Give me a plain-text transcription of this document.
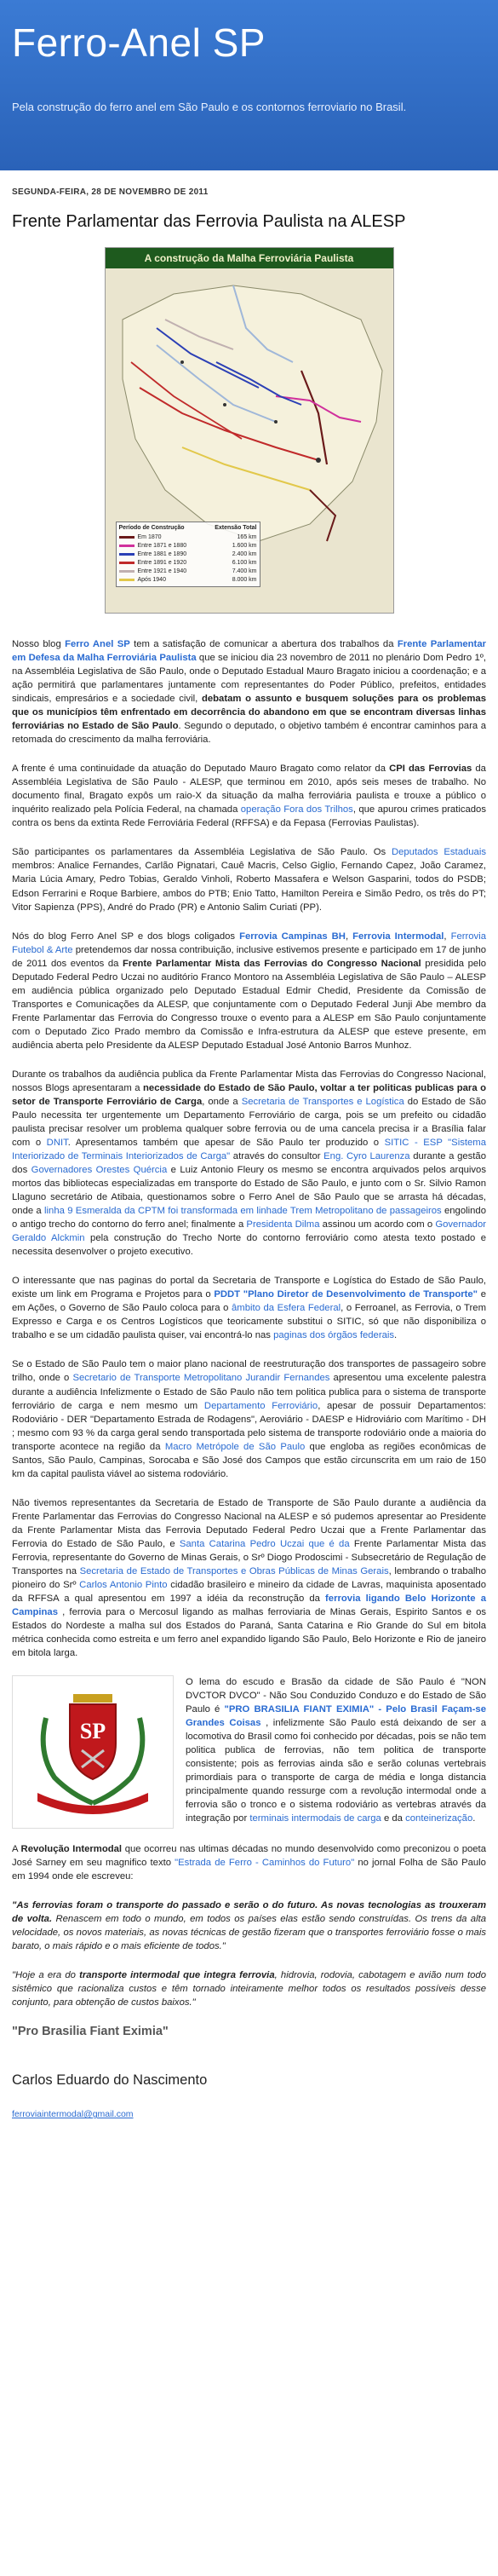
Ferro-Anel SP
Pela construção do ferro anel em São Paulo e os contornos ferroviario no Brasil.
SEGUNDA-FEIRA, 28 DE NOVEMBRO DE 2011
Frente Parlamentar das Ferrovia Paulista na ALESP
A construção da Malha Ferroviária Paulista
Período de Construção	Extensão Total
Em 1870	165 km
Entre 1871 e 1880	1.600 km
Entre 1881 e 1890	2.400 km
Entre 1891 e 1920	6.100 km
Entre 1921 e 1940	7.400 km
Após 1940	8.000 km

Nosso blog Ferro Anel SP tem a satisfação de comunicar a abertura dos trabalhos da Frente Parlamentar em Defesa da Malha Ferroviária Paulista que se iniciou dia 23 novembro de 2011 no plenário Dom Pedro 1º, na Assembléia Legislativa de São Paulo, onde o Deputado Estadual Mauro Bragato iniciou a coordenação; e a ação permitirá que parlamentares juntamente com representantes do Poder Público, prefeitos, entidades sindicais, empresários e a sociedade civil, debatam o assunto e busquem soluções para os problemas que os municípios têm enfrentado em decorrência do abandono em que se encontram diversas linhas ferroviárias no Estado de São Paulo. Segundo o deputado, o objetivo também é encontrar caminhos para a retomada do crescimento da malha ferroviária.

A frente é uma continuidade da atuação do Deputado Mauro Bragato como relator da CPI das Ferrovias da Assembléia Legislativa de São Paulo - ALESP, que terminou em 2010, após seis meses de trabalho. No documento final, Bragato expôs um raio-X da situação da malha ferroviária paulista e trouxe a público o inquérito realizado pela Polícia Federal, na chamada operação Fora dos Trilhos, que apurou crimes praticados contra os bens da extinta Rede Ferroviária Federal (RFFSA) e da Fepasa (Ferrovias Paulistas).

São participantes os parlamentares da Assembléia Legislativa de São Paulo. Os Deputados Estaduais membros: Analice Fernandes, Carlão Pignatari, Cauê Macris, Celso Giglio, Fernando Capez, João Caramez, Maria Lúcia Amary, Pedro Tobias, Geraldo Vinholi, Roberto Massafera e Welson Gasparini, todos do PSDB; Edson Ferrarini e Roque Barbiere, ambos do PTB; Enio Tatto, Hamilton Pereira e Simão Pedro, os três do PT; Vitor Sapienza (PPS), André do Prado (PR) e Antonio Salim Curiati (PP).

Nós do blog Ferro Anel SP e dos blogs coligados Ferrovia Campinas BH, Ferrovia Intermodal, Ferrovia Futebol & Arte pretendemos dar nossa contribuição, inclusive estivemos presente e participado em 17 de junho de 2011 dos eventos da Frente Parlamentar Mista das Ferrovias do Congresso Nacional presidida pelo Deputado Federal Pedro Uczai no auditório Franco Montoro na Assembléia Legislativa de São Paulo – ALESP em audiência pública organizado pelo Deputado Estadual Edmir Chedid, Presidente da Comissão de Transportes e Comunicações da ALESP, que conjuntamente com o Deputado Federal Junji Abe membro da Frente Parlamentar das Ferrovia do Congresso trouxe o evento para a ALESP em São Paulo conjuntamente com o Deputado Zico Prado membro da Comissão e Infra-estrutura da ALESP que esteve presente, em audiência aberta pelo Presidente da ALESP Deputado Estadual José Antonio Barros Munhoz.

Durante os trabalhos da audiência publica da Frente Parlamentar Mista das Ferrovias do Congresso Nacional, nossos Blogs apresentaram a necessidade do Estado de São Paulo, voltar a ter politicas publicas para o setor de Transporte Ferroviário de Carga, onde a Secretaria de Transportes e Logística do Estado de São Paulo necessita ter urgentemente um Departamento Ferroviário de carga, pois se um prefeito ou cidadão paulista precisar resolver um problema qualquer sobre ferrovia ou de uma cancela precisa ir a Brasília falar com o DNIT. Apresentamos também que apesar de São Paulo ter produzido o SITIC - ESP "Sistema Interiorizado de Terminais Interiorizados de Carga" através do consultor Eng. Cyro Laurenza durante a gestão dos Governadores Orestes Quércia e Luiz Antonio Fleury os mesmo se encontra arquivados pelos arquivos mortos das bibliotecas especializadas em transporte do Estado de São Paulo, e junto com o Sr. Silvio Ramon Llaguno secretário de Atibaia, questionamos sobre o Ferro Anel de São Paulo que se arrasta há décadas, onde a linha 9 Esmeralda da CPTM foi transformada em linhade Trem Metropolitano de passageiros engolindo o antigo trecho do contorno do ferro anel; finalmente a Presidenta Dilma assinou um acordo com o Governador Geraldo Alckmin pela construção do Trecho Norte do contorno ferroviário como atesta texto postado e necessita desenvolver o projeto executivo.

O interessante que nas paginas do portal da Secretaria de Transporte e Logística do Estado de São Paulo, existe um link em Programa e Projetos para o PDDT "Plano Diretor de Desenvolvimento de Transporte" e em Ações, o Governo de São Paulo coloca para o âmbito da Esfera Federal, o Ferroanel, as Ferrovia, o Trem Expresso e Carga e os Centros Logísticos que teoricamente substitui o SITIC, só que não disponibiliza o trabalho e se um cidadão paulista quiser, vai encontrá-lo nas paginas dos órgãos federais.

Se o Estado de São Paulo tem o maior plano nacional de reestruturação dos transportes de passageiro sobre trilho, onde o Secretario de Transporte Metropolitano Jurandir Fernandes apresentou uma excelente palestra durante a audiência Infelizmente o Estado de São Paulo não tem politica publica para o sistema de transporte ferroviário de carga e nem mesmo um Departamento Ferroviário, apesar de possuir Departamentos: Rodoviário - DER "Departamento Estrada de Rodagens", Aeroviário - DAESP e Hidroviário com Marítimo - DH ; mesmo com 93 % da carga geral sendo transportada pelo sistema de transporte rodoviário onde a maioria do transporte acontece na região da Macro Metrópole de São Paulo que engloba as regiões econômicas de Santos, São Paulo, Campinas, Sorocaba e São José dos Campos que estão circunscrita em um raio de 150 km da capital paulista viável ao sistema rodoviário.

Não tivemos representantes da Secretaria de Estado de Transporte de São Paulo durante a audiência da Frente Parlamentar das Ferrovias do Congresso Nacional na ALESP e só pudemos apresentar ao Presidente da Frente Parlamentar Mista das Ferrovia Deputado Federal Pedro Uczai que a Frente Parlamentar das Ferrovia do Estado de São Paulo, e Santa Catarina Pedro Uczai que é da Frente Parlamentar Mista das Ferrovia, representante do Governo de Minas Gerais, o Srº Diogo Prodoscimi - Subsecretário de Regulação de Transportes na Secretaria de Estado de Transportes e Obras Públicas de Minas Gerais, lembrando o trabalho pioneiro do Srº Carlos Antonio Pinto cidadão brasileiro e mineiro da cidade de Lavras, maquinista aposentado da RFFSA a qual apresentou em 1997 a idéia da reconstrução da ferrovia ligando Belo Horizonte a Campinas , ferrovia para o Mercosul ligando as malhas ferroviaria de Minas Gerais, Espirito Santos e os Estados do Nordeste a malha sul dos Estados do Paraná, Santa Catarina e Rio Grande do Sul em bitola métrica conhecida como estreita e um ferro anel expandido ligando São Paulo, Belo Horizonte e Rio de janeiro em bitola larga.

SP

O lema do escudo e Brasão da cidade de São Paulo é "NON DVCTOR DVCO" - Não Sou Conduzido Conduzo e do Estado de São Paulo é "PRO BRASILIA FIANT EXIMIA" - Pelo Brasil Façam-se Grandes Coisas , infelizmente São Paulo está deixando de ser a locomotiva do Brasil como foi conhecido por décadas, pois se não tem politica publica de ferrovias, não tem politica de transporte consistente; pois as ferrovias ainda são e serão colunas vertebrais primordiais para o transporte de carga de média e longa distancia principalmente quando ressurge com a revolução intermodal onde a ferrovia são o tronco e o sistema rodoviário as vertebras através da integração por terminais intermodais de carga e da conteinerização.

A Revolução Intermodal que ocorreu nas ultimas décadas no mundo desenvolvido como preconizou o poeta José Sarney em seu magnifico texto "Estrada de Ferro - Caminhos do Futuro" no jornal Folha de São Paulo em 1994 onde ele escreveu:

"As ferrovias foram o transporte do passado e serão o do futuro. As novas tecnologias as trouxeram de volta. Renascem em todo o mundo, em todos os países elas estão sendo construídas. Os trens da alta velocidade, os novos materiais, as novas técnicas de gestão fizeram que o transportes ferroviário fosse o mais barato, o mais rápido e o mais eficiente de todos."

"Hoje a era do transporte intermodal que integra ferrovia, hidrovia, rodovia, cabotagem e avião num todo sistêmico que racionaliza custos e têm tornado inteiramente melhor todos os resultados possíveis desse conjunto, para obtenção de custos baixos."

"Pro Brasilia Fiant Eximia"
Carlos Eduardo do Nascimento
ferroviaintermodal@gmail.com
